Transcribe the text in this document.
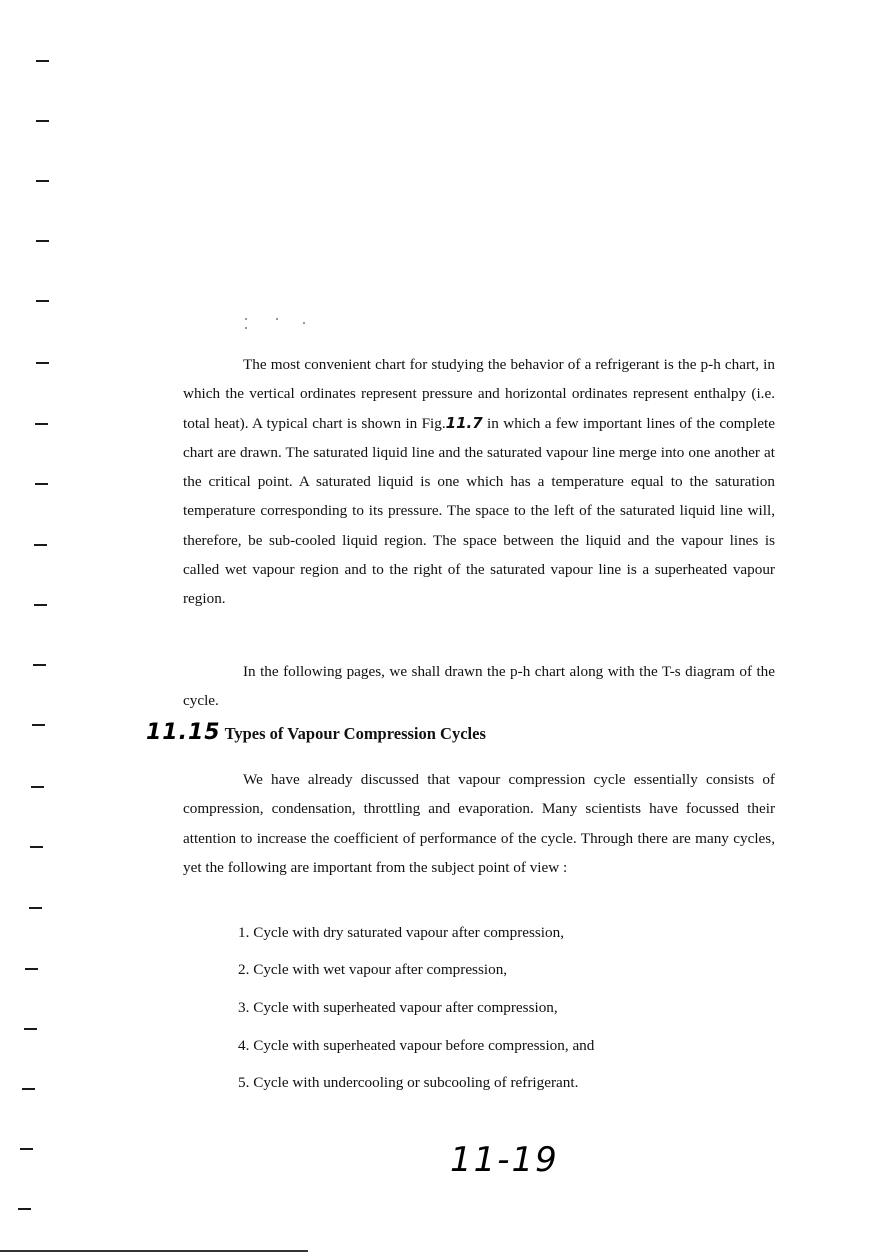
The most convenient chart for studying the behavior of a refrigerant is the p-h chart, in which the vertical ordinates represent pressure and horizontal ordinates represent enthalpy (i.e. total heat). A typical chart is shown in Fig.11.7 in which a few important lines of the complete chart are drawn. The saturated liquid line and the saturated vapour line merge into one another at the critical point. A saturated liquid is one which has a temperature equal to the saturation temperature corresponding to its pressure. The space to the left of the saturated liquid line will, therefore, be sub-cooled liquid region. The space between the liquid and the vapour lines is called wet vapour region and to the right of the saturated vapour line is a superheated vapour region.

In the following pages, we shall drawn the p-h chart along with the T-s diagram of the cycle.

11.15 Types of Vapour Compression Cycles

We have already discussed that vapour compression cycle essentially consists of compression, condensation, throttling and evaporation. Many scientists have focussed their attention to increase the coefficient of performance of the cycle. Through there are many cycles, yet the following are important from the subject point of view :

1. Cycle with dry saturated vapour after compression,

2. Cycle with wet vapour after compression,

3. Cycle with superheated vapour after compression,

4. Cycle with superheated vapour before compression, and

5. Cycle with undercooling or subcooling of refrigerant.

11-19
